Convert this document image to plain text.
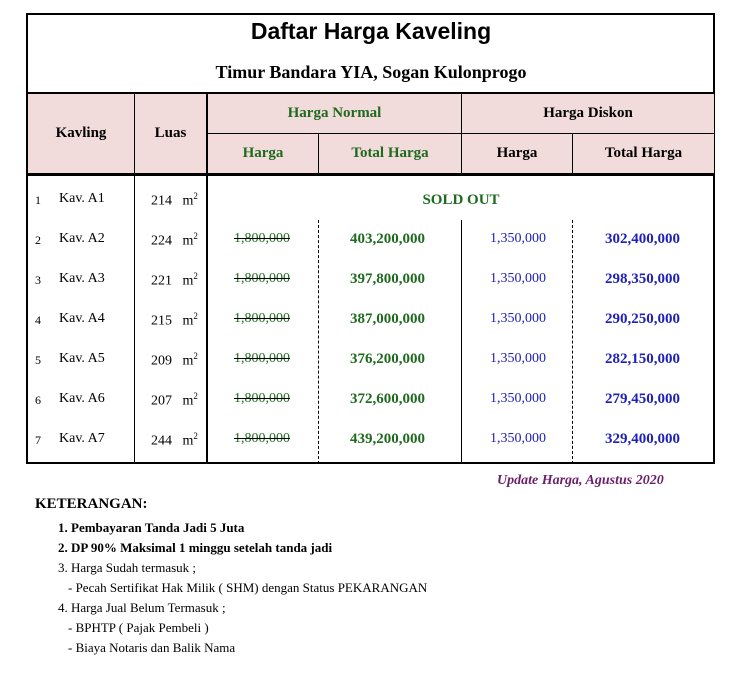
Daftar Harga Kaveling
Timur Bandara YIA, Sogan Kulonprogo
Kavling	Luas
Harga Normal	Harga Diskon
Harga	Total Harga	Harga	Total Harga
1 Kav. A1	214 $m^2$	SOLD OUT
2 Kav. A2	224 $m^2$	1,800,000	403,200,000	1,350,000	302,400,000
3 Kav. A3	221 $m^2$	1,800,000	397,800,000	1,350,000	298,350,000
4 Kav. A4	215 $m^2$	1,800,000	387,000,000	1,350,000	290,250,000
5 Kav. A5	209 $m^2$	1,800,000	376,200,000	1,350,000	282,150,000
6 Kav. A6	207 $m^2$	1,800,000	372,600,000	1,350,000	279,450,000
7 Kav. A7	244 $m^2$	1,800,000	439,200,000	1,350,000	329,400,000
Update Harga, Agustus 2020
KETERANGAN:
1. Pembayaran Tanda Jadi 5 Juta
2. DP 90% Maksimal 1 minggu setelah tanda jadi
3. Harga Sudah termasuk ;
- Pecah Sertifikat Hak Milik ( SHM) dengan Status PEKARANGAN
4. Harga Jual Belum Termasuk ;
- BPHTP ( Pajak Pembeli )
- Biaya Notaris dan Balik Nama
